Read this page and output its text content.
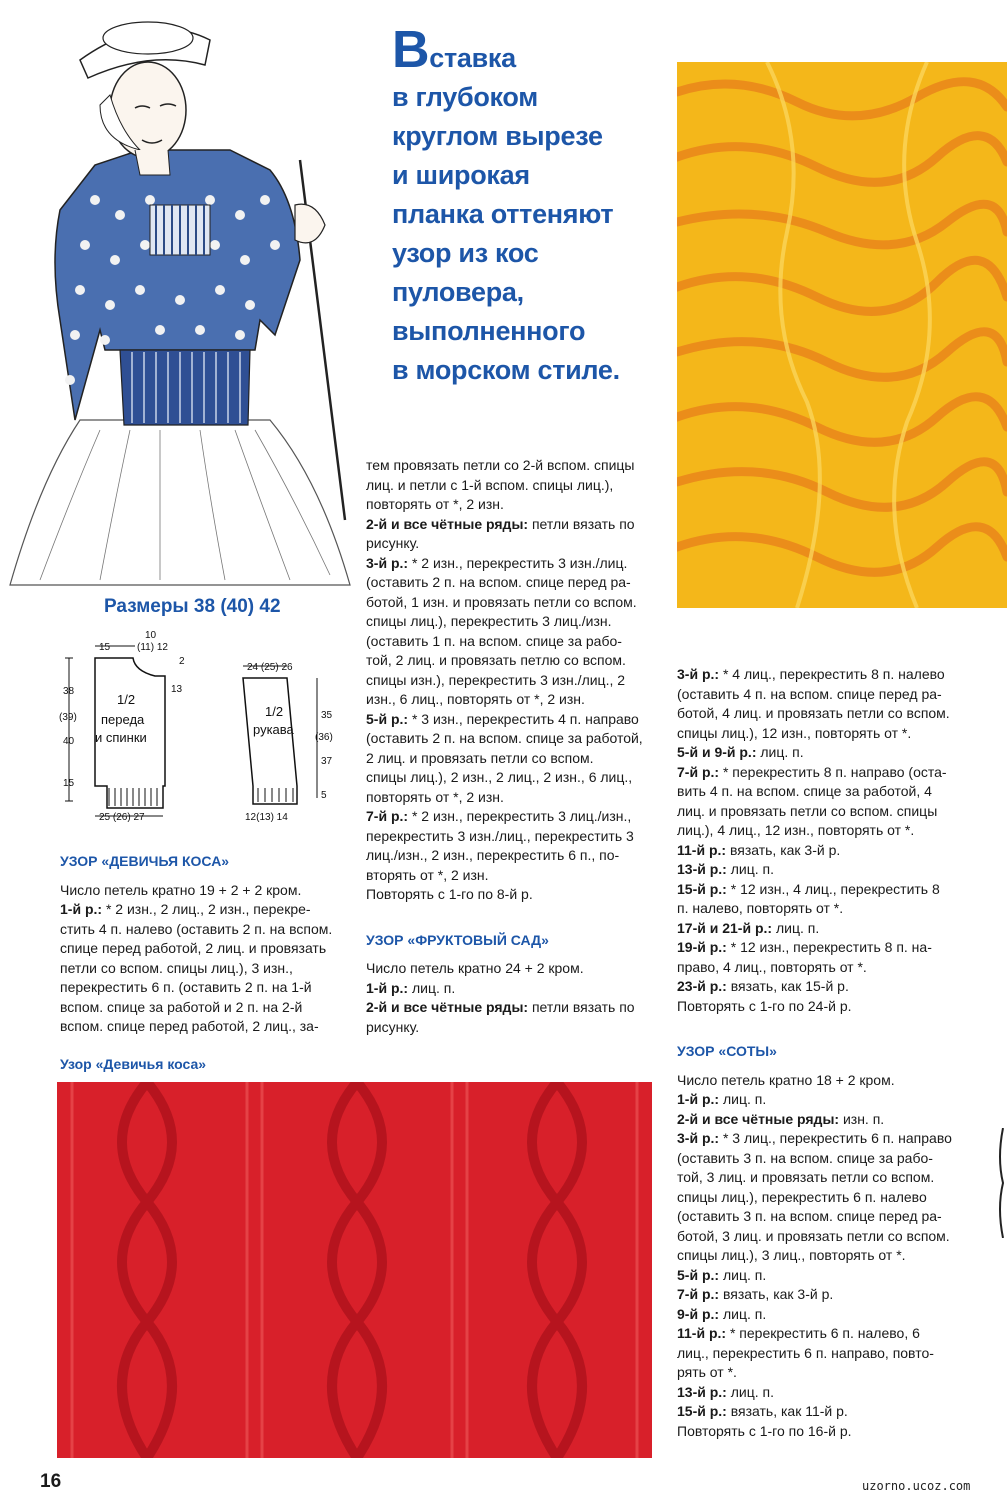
Вставка
в глубоком
круглом вырезе
и широкая
планка оттеняют
узор из кос
пуловера,
выполненного
в морском стиле.
Размеры 38 (40) 42
15
10
(11) 12
2
13
38
(39)
40
15
25 (26) 27
1/2
переда
и спинки
24 (25) 26
1/2
рукава
35
(36)
37
5
12(13) 14
УЗОР «ДЕВИЧЬЯ КОСА»

Число петель кратно 19 + 2 + 2 кром.

1-й р.: * 2 изн., 2 лиц., 2 изн., перекре-

стить 4 п. налево (оставить 2 п. на вспом.

спице перед работой, 2 лиц. и провязать

петли со вспом. спицы лиц.), 3 изн.,

перекрестить 6 п. (оставить 2 п. на 1-й

вспом. спице за работой и 2 п. на 2-й

вспом. спице перед работой, 2 лиц., за-

Узор «Девичья коса»

тем провязать петли со 2-й вспом. спицы

лиц. и петли с 1-й вспом. спицы лиц.),

повторять от *, 2 изн.

2-й и все чётные ряды: петли вязать по

рисунку.

3-й р.: * 2 изн., перекрестить 3 изн./лиц.

(оставить 2 п. на вспом. спице перед ра-

ботой, 1 изн. и провязать петли со вспом.

спицы лиц.), перекрестить 3 лиц./изн.

(оставить 1 п. на вспом. спице за рабо-

той, 2 лиц. и провязать петлю со вспом.

спицы изн.), перекрестить 3 изн./лиц., 2

изн., 6 лиц., повторять от *, 2 изн.

5-й р.: * 3 изн., перекрестить 4 п. направо

(оставить 2 п. на вспом. спице за работой,

2 лиц. и провязать петли со вспом.

спицы лиц.), 2 изн., 2 лиц., 2 изн., 6 лиц.,

повторять от *, 2 изн.

7-й р.: * 2 изн., перекрестить 3 лиц./изн.,

перекрестить 3 изн./лиц., перекрестить 3

лиц./изн., 2 изн., перекрестить 6 п., по-

вторять от *, 2 изн.

Повторять с 1-го по 8-й р.

УЗОР «ФРУКТОВЫЙ САД»

Число петель кратно 24 + 2 кром.

1-й р.: лиц. п.

2-й и все чётные ряды: петли вязать по

рисунку.

3-й р.: * 4 лиц., перекрестить 8 п. налево

(оставить 4 п. на вспом. спице перед ра-

ботой, 4 лиц. и провязать петли со вспом.

спицы лиц.), 12 изн., повторять от *.

5-й и 9-й р.: лиц. п.

7-й р.: * перекрестить 8 п. направо (оста-

вить 4 п. на вспом. спице за работой, 4

лиц. и провязать петли со вспом. спицы

лиц.), 4 лиц., 12 изн., повторять от *.

11-й р.: вязать, как 3-й р.

13-й р.: лиц. п.

15-й р.: * 12 изн., 4 лиц., перекрестить 8

п. налево, повторять от *.

17-й и 21-й р.: лиц. п.

19-й р.: * 12 изн., перекрестить 8 п. на-

право, 4 лиц., повторять от *.

23-й р.: вязать, как 15-й р.

Повторять с 1-го по 24-й р.

УЗОР «СОТЫ»

Число петель кратно 18 + 2 кром.

1-й р.: лиц. п.

2-й и все чётные ряды: изн. п.

3-й р.: * 3 лиц., перекрестить 6 п. направо

(оставить 3 п. на вспом. спице за рабо-

той, 3 лиц. и провязать петли со вспом.

спицы лиц.), перекрестить 6 п. налево

(оставить 3 п. на вспом. спице перед ра-

ботой, 3 лиц. и провязать петли со вспом.

спицы лиц.), 3 лиц., повторять от *.

5-й р.: лиц. п.

7-й р.: вязать, как 3-й р.

9-й р.: лиц. п.

11-й р.: * перекрестить 6 п. налево, 6

лиц., перекрестить 6 п. направо, повто-

рять от *.

13-й р.: лиц. п.

15-й р.: вязать, как 11-й р.

Повторять с 1-го по 16-й р.

16	uzorno.ucoz.com
